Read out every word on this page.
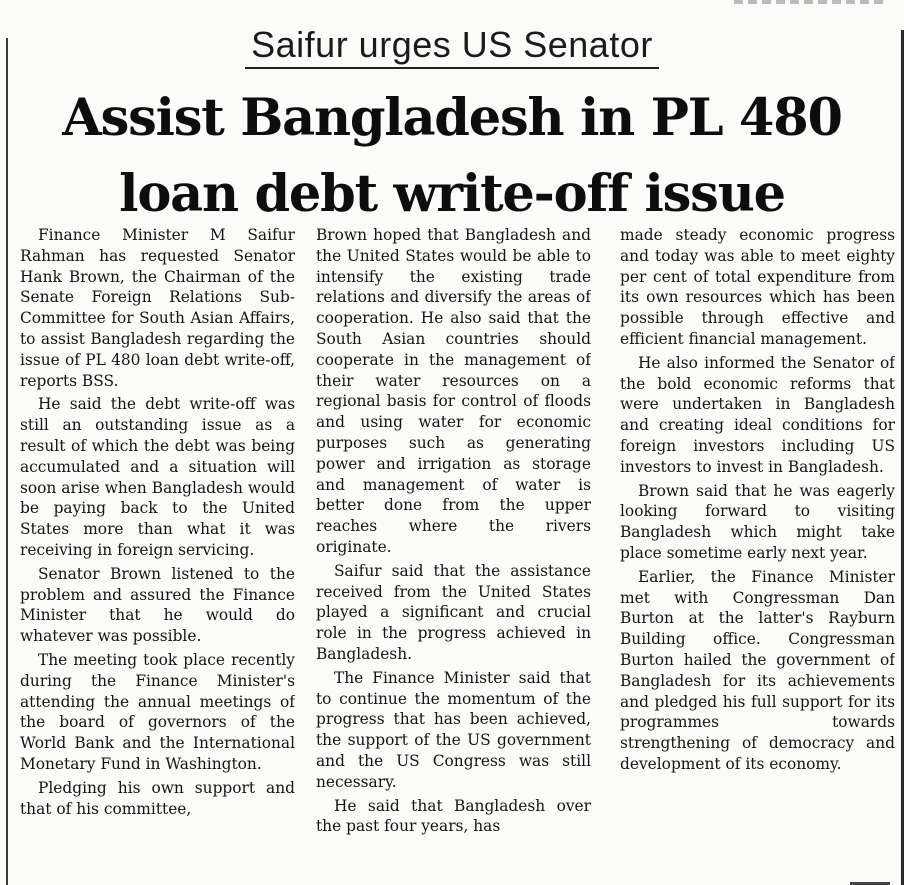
Saifur urges US Senator
Assist Bangladesh in PL 480
loan debt write-off issue

Finance Minister M Saifur Rahman has requested Senator Hank Brown, the Chairman of the Senate Foreign Relations Sub-Committee for South Asian Affairs, to assist Bangladesh regarding the issue of PL 480 loan debt write-off, reports BSS.

He said the debt write-off was still an outstanding issue as a result of which the debt was being accumulated and a situation will soon arise when Bangladesh would be paying back to the United States more than what it was receiving in foreign servicing.

Senator Brown listened to the problem and assured the Finance Minister that he would do whatever was possible.

The meeting took place recently during the Finance Minister's attending the annual meetings of the board of governors of the World Bank and the International Monetary Fund in Washington.

Pledging his own support and that of his committee,

Brown hoped that Bangladesh and the United States would be able to intensify the existing trade relations and diversify the areas of cooperation. He also said that the South Asian countries should cooperate in the management of their water resources on a regional basis for control of floods and using water for economic purposes such as generating power and irrigation as storage and management of water is better done from the upper reaches where the rivers originate.

Saifur said that the assistance received from the United States played a significant and crucial role in the progress achieved in Bangladesh.

The Finance Minister said that to continue the momentum of the progress that has been achieved, the support of the US government and the US Congress was still necessary.

He said that Bangladesh over the past four years, has

made steady economic progress and today was able to meet eighty per cent of total expenditure from its own resources which has been possible through effective and efficient financial management.

He also informed the Senator of the bold economic reforms that were undertaken in Bangladesh and creating ideal conditions for foreign investors including US investors to invest in Bangladesh.

Brown said that he was eagerly looking forward to visiting Bangladesh which might take place sometime early next year.

Earlier, the Finance Minister met with Congressman Dan Burton at the latter's Rayburn Building office. Congressman Burton hailed the government of Bangladesh for its achievements and pledged his full support for its programmes towards strengthening of democracy and development of its economy.
